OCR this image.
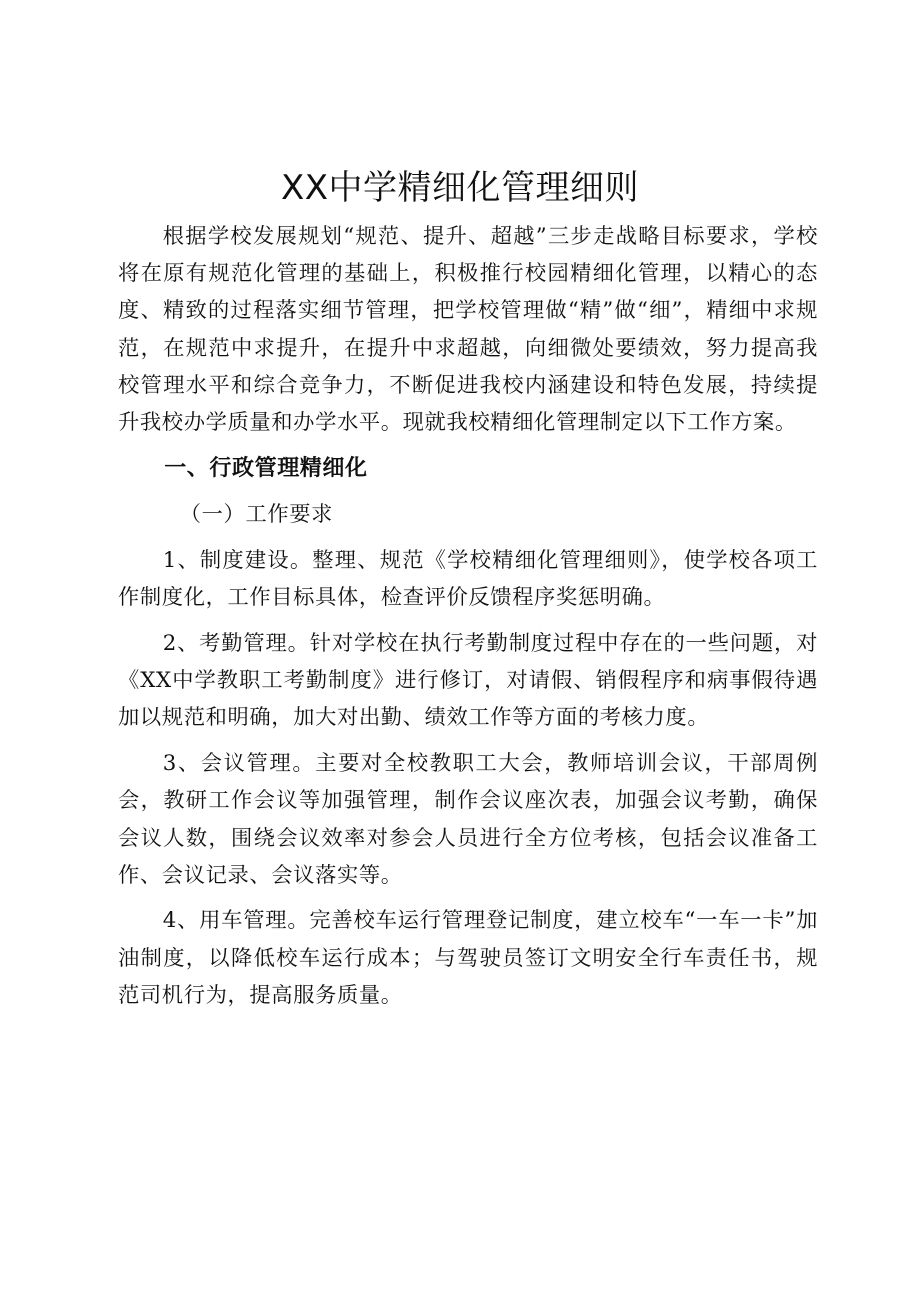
XX中学精细化管理细则

根据学校发展规划“规范、提升、超越”三步走战略目标要求，学校将在原有规范化管理的基础上，积极推行校园精细化管理，以精心的态度、精致的过程落实细节管理，把学校管理做“精”做“细”，精细中求规范，在规范中求提升，在提升中求超越，向细微处要绩效，努力提高我校管理水平和综合竞争力，不断促进我校内涵建设和特色发展，持续提升我校办学质量和办学水平。现就我校精细化管理制定以下工作方案。

一、行政管理精细化

（一）工作要求

1、制度建设。整理、规范《学校精细化管理细则》，使学校各项工作制度化，工作目标具体，检查评价反馈程序奖惩明确。

2、考勤管理。针对学校在执行考勤制度过程中存在的一些问题，对《XX中学教职工考勤制度》进行修订，对请假、销假程序和病事假待遇加以规范和明确，加大对出勤、绩效工作等方面的考核力度。

3、会议管理。主要对全校教职工大会，教师培训会议，干部周例会，教研工作会议等加强管理，制作会议座次表，加强会议考勤，确保会议人数，围绕会议效率对参会人员进行全方位考核，包括会议准备工作、会议记录、会议落实等。

4、用车管理。完善校车运行管理登记制度，建立校车“一车一卡”加油制度，以降低校车运行成本；与驾驶员签订文明安全行车责任书，规范司机行为，提高服务质量。
